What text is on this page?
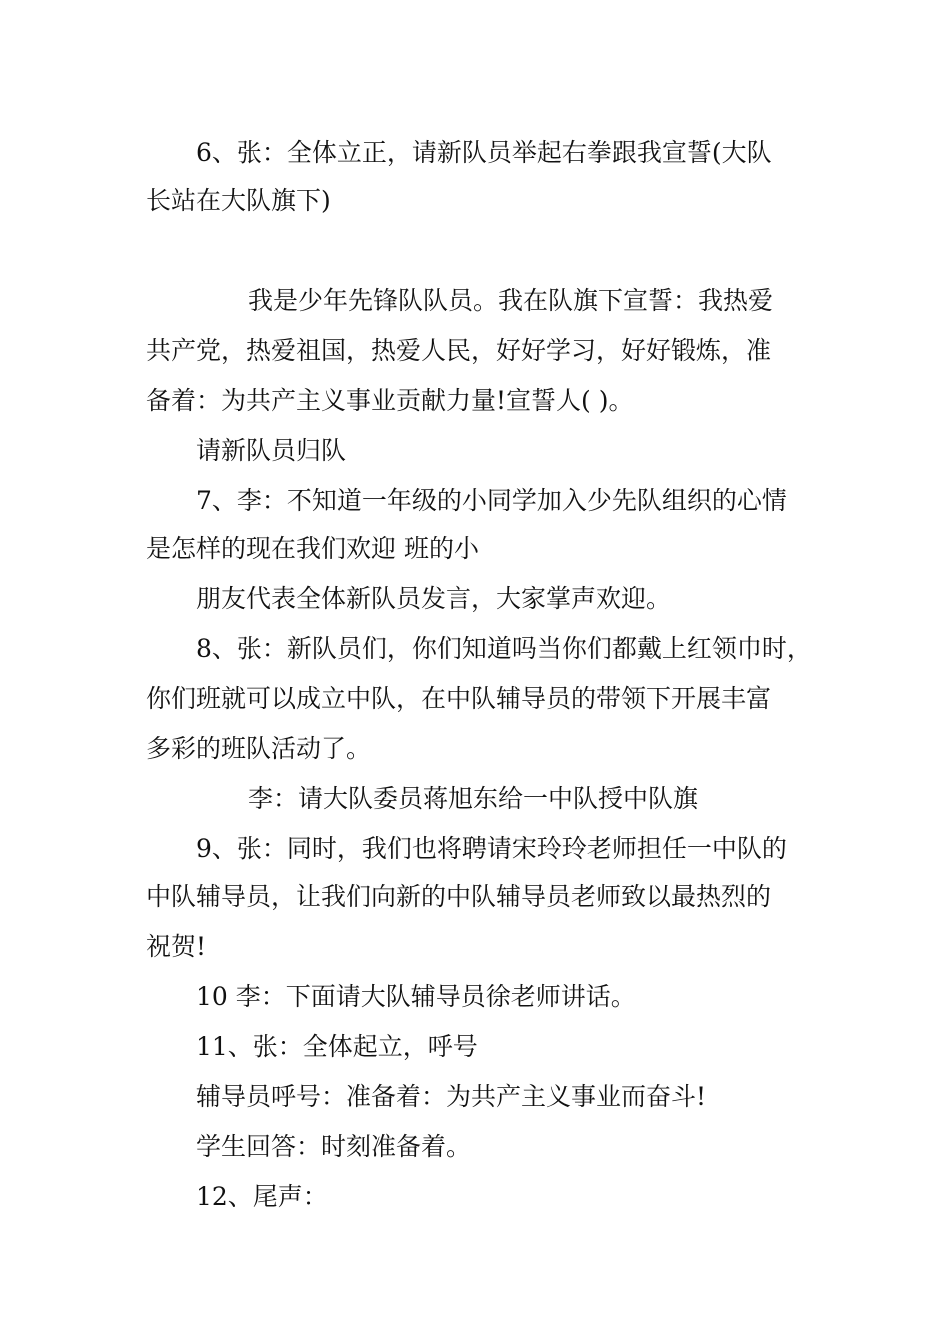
6、张：全体立正，请新队员举起右拳跟我宣誓(大队
长站在大队旗下)
我是少年先锋队队员。我在队旗下宣誓：我热爱
共产党，热爱祖国，热爱人民，好好学习，好好锻炼，准
备着：为共产主义事业贡献力量!宣誓人( )。
请新队员归队
7、李：不知道一年级的小同学加入少先队组织的心情
是怎样的现在我们欢迎 班的小
朋友代表全体新队员发言，大家掌声欢迎。
8、张：新队员们，你们知道吗当你们都戴上红领巾时，
你们班就可以成立中队，在中队辅导员的带领下开展丰富
多彩的班队活动了。
李：请大队委员蒋旭东给一中队授中队旗
9、张：同时，我们也将聘请宋玲玲老师担任一中队的
中队辅导员，让我们向新的中队辅导员老师致以最热烈的
祝贺!
10 李：下面请大队辅导员徐老师讲话。
11、张：全体起立，呼号
辅导员呼号：准备着：为共产主义事业而奋斗!
学生回答：时刻准备着。
12、尾声：
